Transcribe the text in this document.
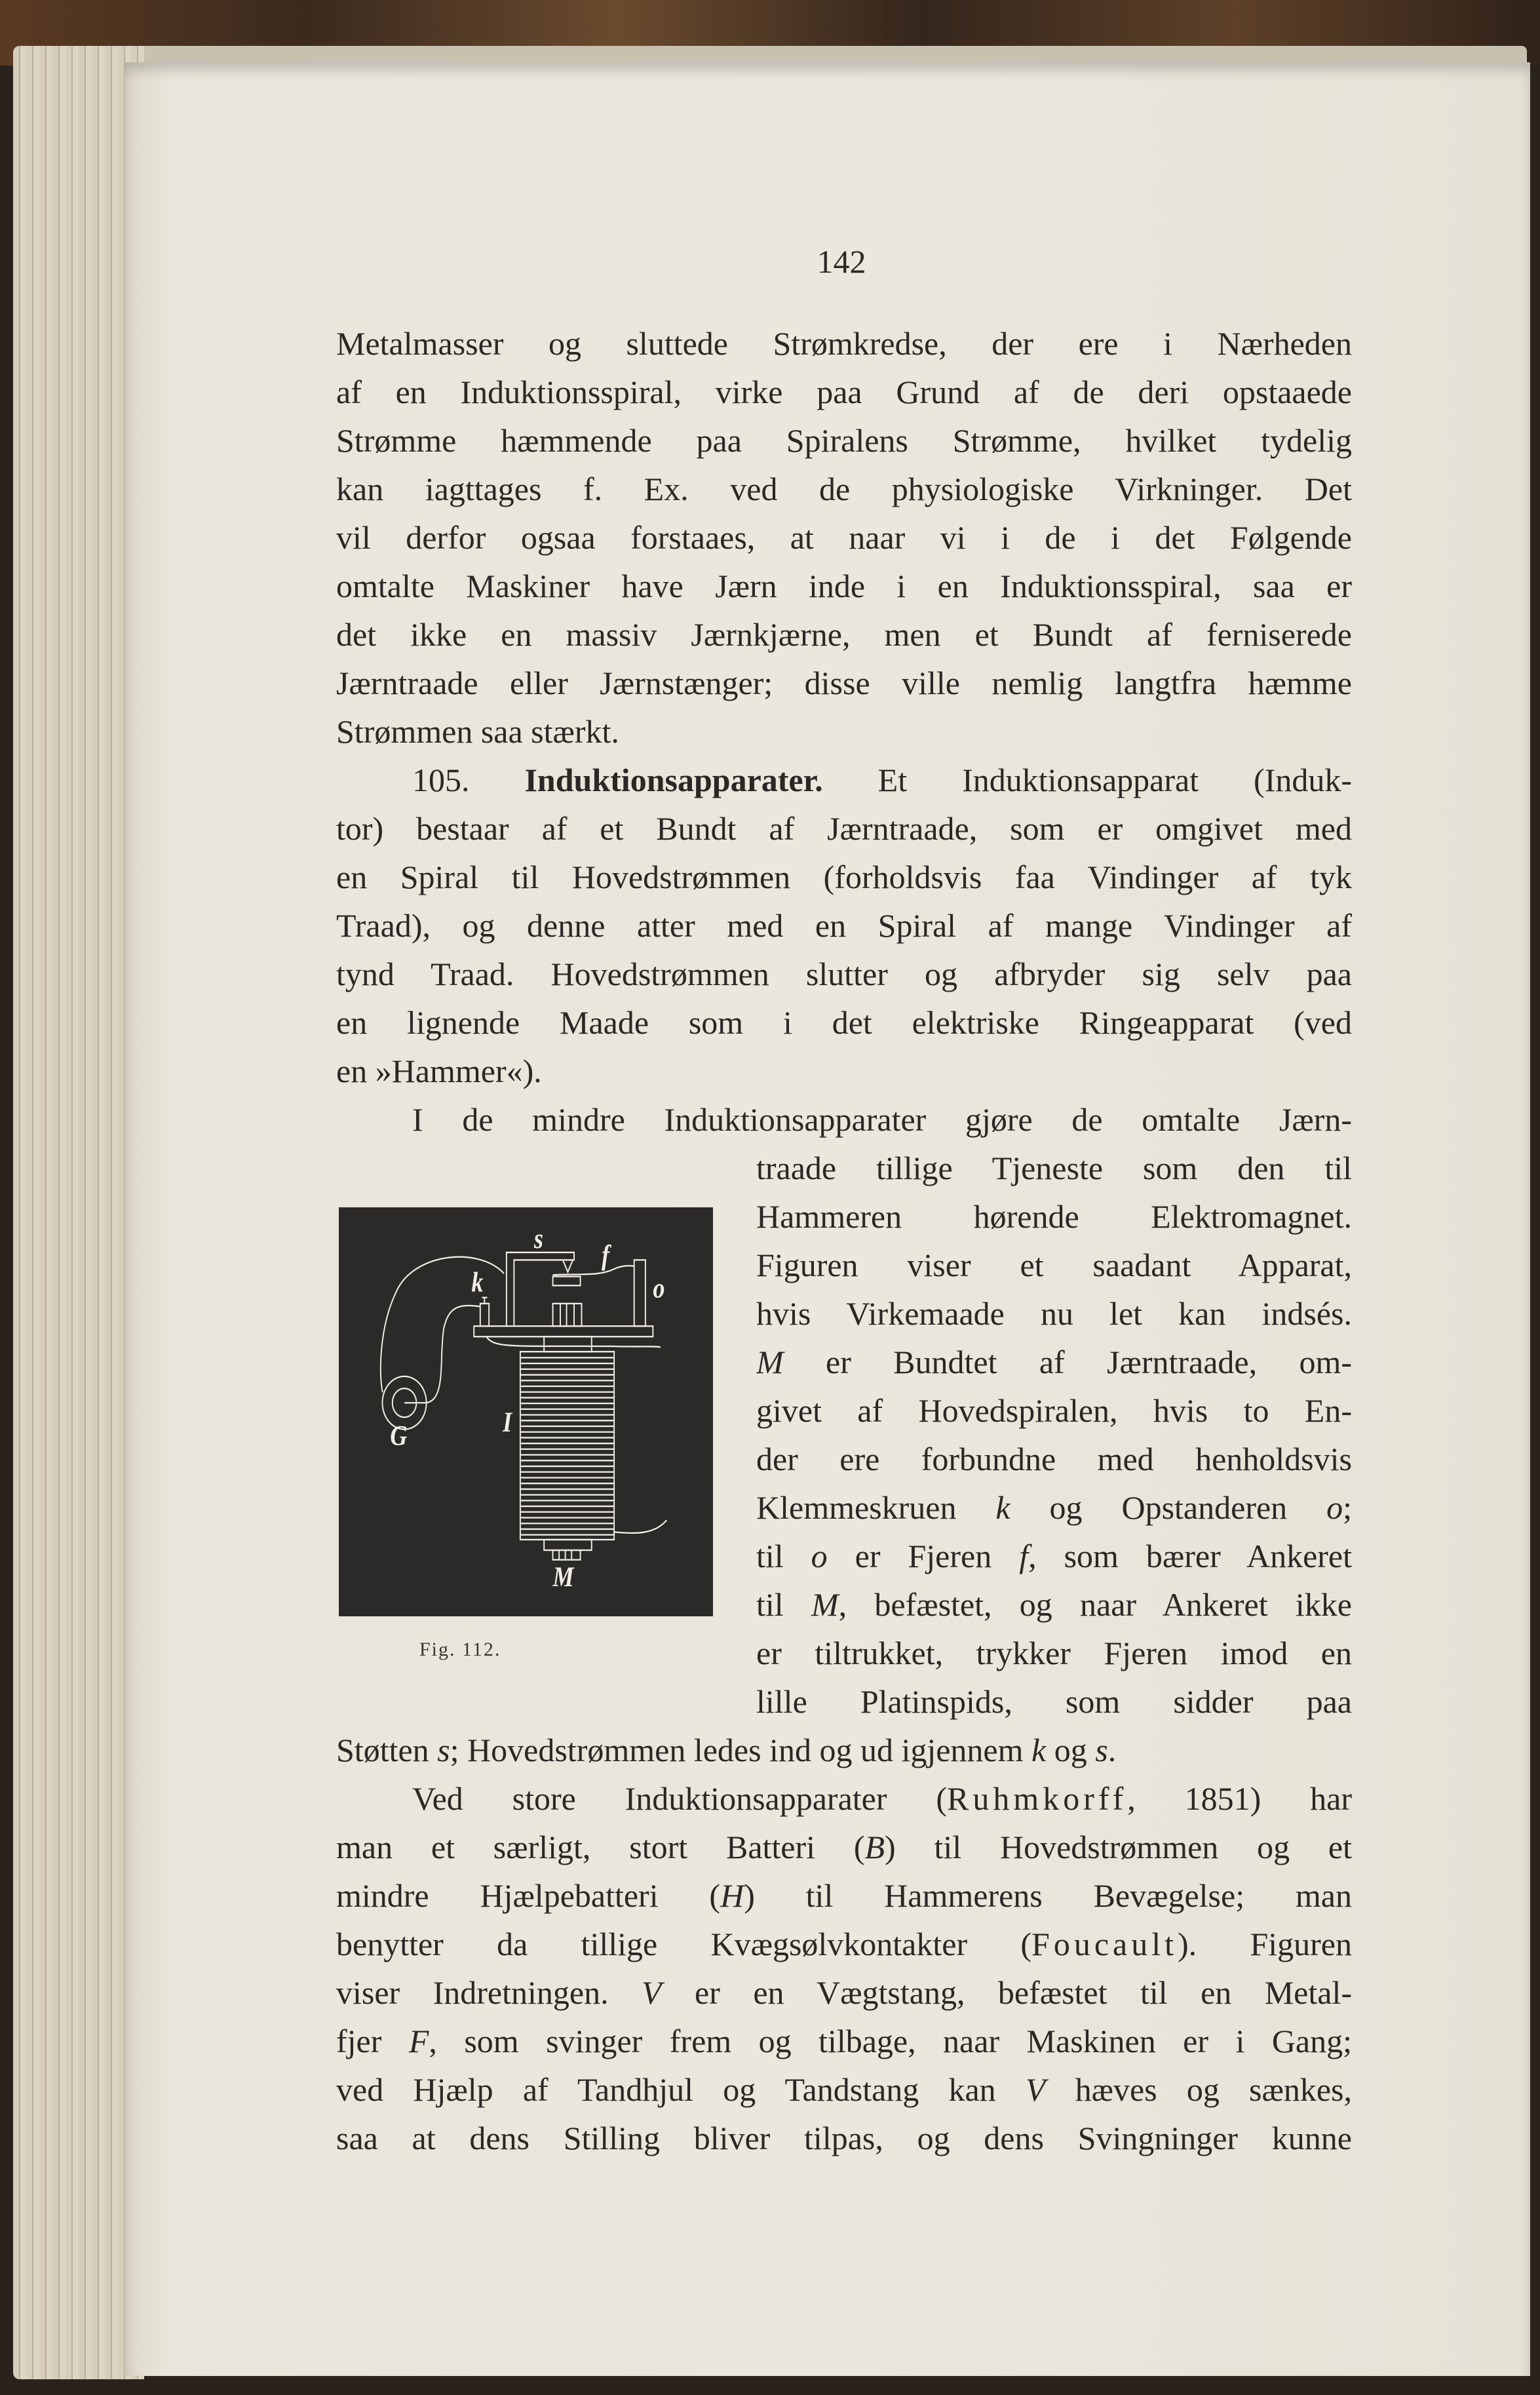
142
Metalmasser og sluttede Strømkredse, der ere i Nærheden
af en Induktionsspiral, virke paa Grund af de deri opstaaede
Strømme hæmmende paa Spiralens Strømme, hvilket tydelig
kan iagttages f. Ex. ved de physiologiske Virkninger. Det
vil derfor ogsaa forstaaes, at naar vi i de i det Følgende
omtalte Maskiner have Jærn inde i en Induktionsspiral, saa er
det ikke en massiv Jærnkjærne, men et Bundt af ferniserede
Jærntraade eller Jærnstænger; disse ville nemlig langtfra hæmme
Strømmen saa stærkt.
105. Induktionsapparater. Et Induktionsapparat (Induk-
tor) bestaar af et Bundt af Jærntraade, som er omgivet med
en Spiral til Hovedstrømmen (forholdsvis faa Vindinger af tyk
Traad), og denne atter med en Spiral af mange Vindinger af
tynd Traad. Hovedstrømmen slutter og afbryder sig selv paa
en lignende Maade som i det elektriske Ringeapparat (ved
en »Hammer«).
I de mindre Induktionsapparater gjøre de omtalte Jærn-
traade tillige Tjeneste som den til
Hammeren hørende Elektromagnet.
Figuren viser et saadant Apparat,
hvis Virkemaade nu let kan indsés.
M er Bundtet af Jærntraade, om-
givet af Hovedspiralen, hvis to En-
der ere forbundne med henholdsvis
Klemmeskruen k og Opstanderen o;
til o er Fjeren f, som bærer Ankeret
til M, befæstet, og naar Ankeret ikke
er tiltrukket, trykker Fjeren imod en
lille Platinspids, som sidder paa
Støtten s; Hovedstrømmen ledes ind og ud igjennem k og s.
Ved store Induktionsapparater (Ruhmkorff, 1851) har
man et særligt, stort Batteri (B) til Hovedstrømmen og et
mindre Hjælpebatteri (H) til Hammerens Bevægelse; man
benytter da tillige Kvægsølvkontakter (Foucault). Figuren
viser Indretningen. V er en Vægtstang, befæstet til en Metal-
fjer F, som svinger frem og tilbage, naar Maskinen er i Gang;
ved Hjælp af Tandhjul og Tandstang kan V hæves og sænkes,
saa at dens Stilling bliver tilpas, og dens Svingninger kunne
s
f
k	o
G I
M
Fig. 112.
